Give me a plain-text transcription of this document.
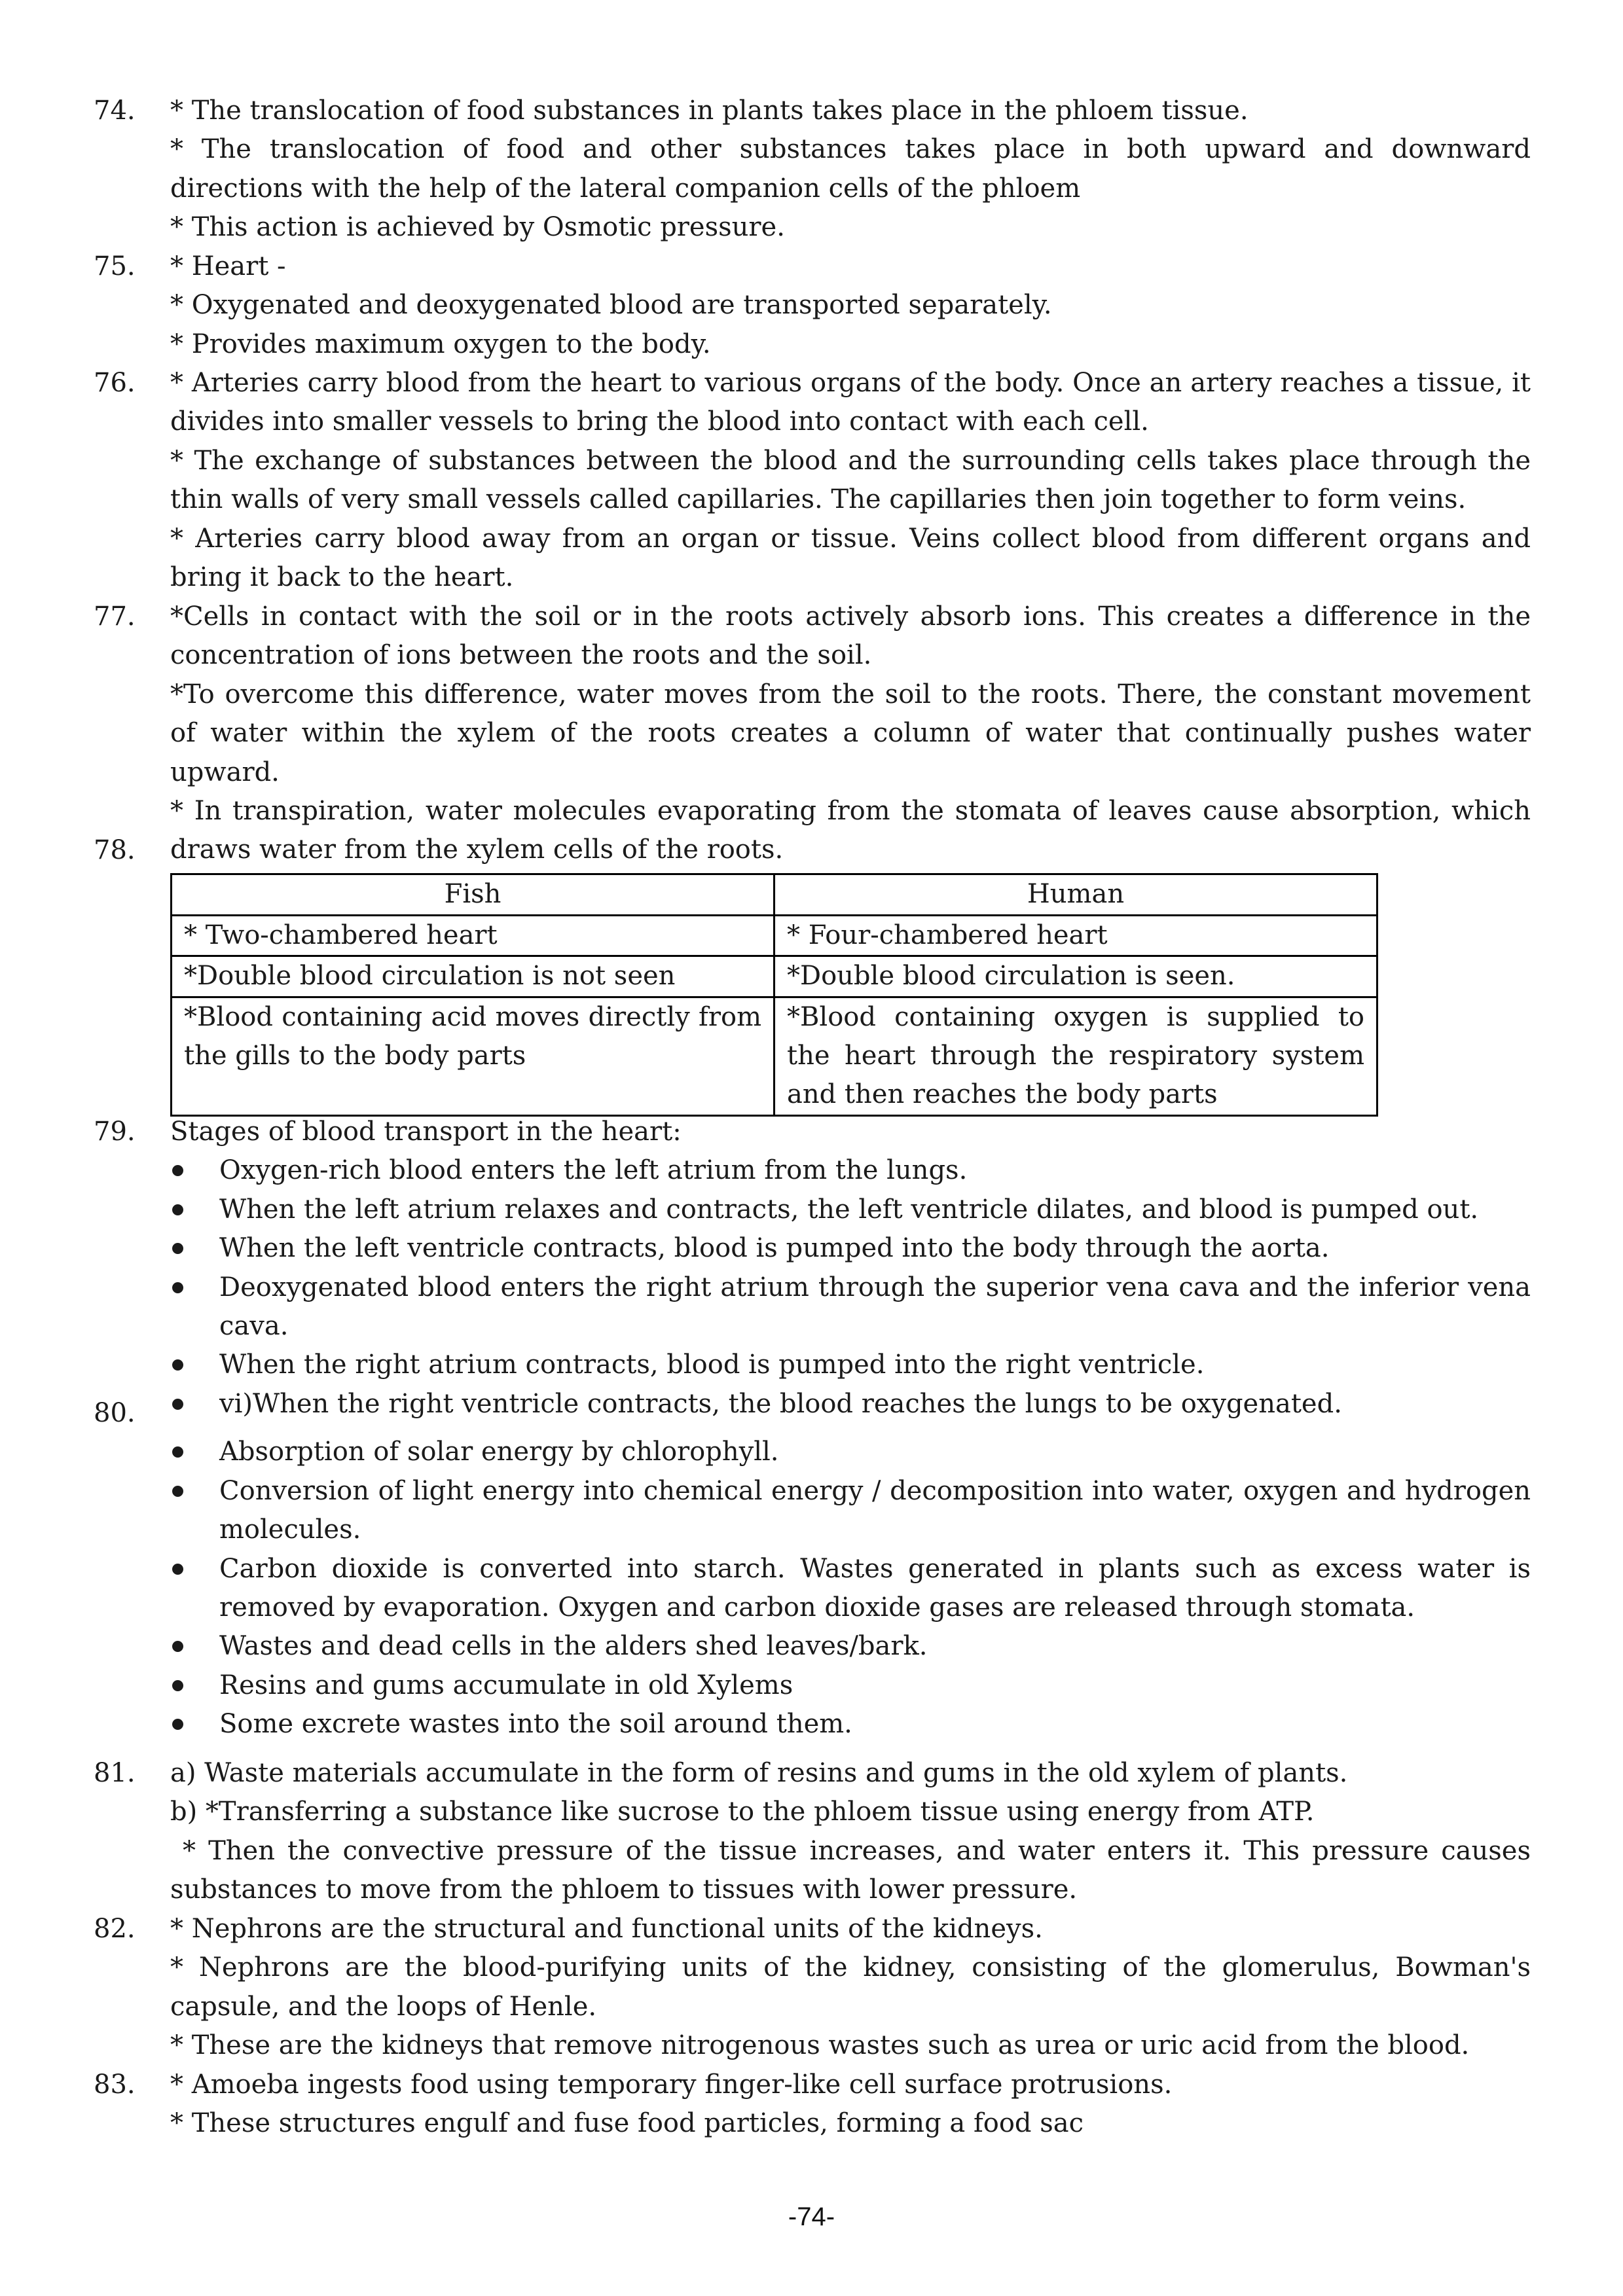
74.	* The translocation of food substances in plants takes place in the phloem tissue.

* The translocation of food and other substances takes place in both upward and downward directions with the help of the lateral companion cells of the phloem

* This action is achieved by Osmotic pressure.

75.	* Heart -

* Oxygenated and deoxygenated blood are transported separately.

* Provides maximum oxygen to the body.

76.	* Arteries carry blood from the heart to various organs of the body. Once an artery reaches a tissue, it divides into smaller vessels to bring the blood into contact with each cell.

* The exchange of substances between the blood and the surrounding cells takes place through the thin walls of very small vessels called capillaries. The capillaries then join together to form veins.

* Arteries carry blood away from an organ or tissue. Veins collect blood from different organs and bring it back to the heart.

77.	*Cells in contact with the soil or in the roots actively absorb ions. This creates a difference in the concentration of ions between the roots and the soil.

*To overcome this difference, water moves from the soil to the roots. There, the constant movement of water within the xylem of the roots creates a column of water that continually pushes water upward.

* In transpiration, water molecules evaporating from the stomata of leaves cause absorption, which draws water from the xylem cells of the roots.

78.
Fish	Human
* Two-chambered heart	* Four-chambered heart
*Double blood circulation is not seen	*Double blood circulation is seen.
*Blood containing acid moves directly from the gills to the body parts	*Blood containing oxygen is supplied to the heart through the respiratory system and then reaches the body parts
79.	Stages of blood transport in the heart:

Oxygen-rich blood enters the left atrium from the lungs.
When the left atrium relaxes and contracts, the left ventricle dilates, and blood is pumped out.
When the left ventricle contracts, blood is pumped into the body through the aorta.
Deoxygenated blood enters the right atrium through the superior vena cava and the inferior vena cava.
When the right atrium contracts, blood is pumped into the right ventricle.
vi)When the right ventricle contracts, the blood reaches the lungs to be oxygenated.
80.
Absorption of solar energy by chlorophyll.
Conversion of light energy into chemical energy / decomposition into water, oxygen and hydrogen molecules.
Carbon dioxide is converted into starch. Wastes generated in plants such as excess water is removed by evaporation. Oxygen and carbon dioxide gases are released through stomata.
Wastes and dead cells in the alders shed leaves/bark.
Resins and gums accumulate in old Xylems
Some excrete wastes into the soil around them.
81.	a) Waste materials accumulate in the form of resins and gums in the old xylem of plants.

b) *Transferring a substance like sucrose to the phloem tissue using energy from ATP.

* Then the convective pressure of the tissue increases, and water enters it. This pressure causes substances to move from the phloem to tissues with lower pressure.

82.	* Nephrons are the structural and functional units of the kidneys.

* Nephrons are the blood-purifying units of the kidney, consisting of the glomerulus, Bowman's capsule, and the loops of Henle.

* These are the kidneys that remove nitrogenous wastes such as urea or uric acid from the blood.

83.	* Amoeba ingests food using temporary finger-like cell surface protrusions.

* These structures engulf and fuse food particles, forming a food sac

-74-
